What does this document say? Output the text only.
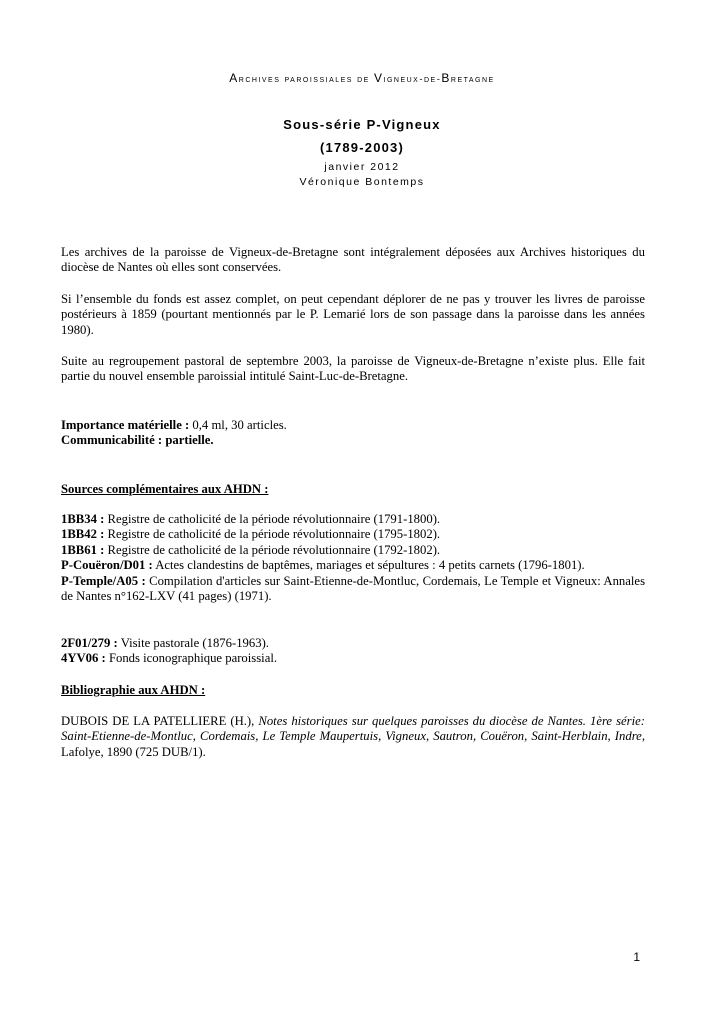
Archives paroissiales de Vigneux-de-Bretagne
Sous-série P-Vigneux
(1789-2003)
janvier 2012
Véronique Bontemps
Les archives de la paroisse de Vigneux-de-Bretagne sont intégralement déposées aux Archives historiques du diocèse de Nantes où elles sont conservées.
Si l’ensemble du fonds est assez complet, on peut cependant déplorer de ne pas y trouver les livres de paroisse postérieurs à 1859 (pourtant mentionnés par le P. Lemarié lors de son passage dans la paroisse dans les années 1980).
Suite au regroupement pastoral de septembre 2003, la paroisse de Vigneux-de-Bretagne n’existe plus. Elle fait partie du nouvel ensemble paroissial intitulé Saint-Luc-de-Bretagne.
Importance matérielle : 0,4 ml, 30 articles.
Communicabilité : partielle.
Sources complémentaires aux AHDN :
1BB34 : Registre de catholicité de la période révolutionnaire (1791-1800).
1BB42 : Registre de catholicité de la période révolutionnaire (1795-1802).
1BB61 : Registre de catholicité de la période révolutionnaire (1792-1802).
P-Couëron/D01 : Actes clandestins de baptêmes, mariages et sépultures : 4 petits carnets (1796-1801).
P-Temple/A05 : Compilation d'articles sur Saint-Etienne-de-Montluc, Cordemais, Le Temple et Vigneux: Annales de Nantes n°162-LXV (41 pages) (1971).
2F01/279 : Visite pastorale (1876-1963).
4YV06 : Fonds iconographique paroissial.
Bibliographie aux AHDN :
DUBOIS DE LA PATELLIERE (H.), Notes historiques sur quelques paroisses du diocèse de Nantes. 1ère série: Saint-Etienne-de-Montluc, Cordemais, Le Temple Maupertuis, Vigneux, Sautron, Couëron, Saint-Herblain, Indre, Lafolye, 1890 (725 DUB/1).
1
